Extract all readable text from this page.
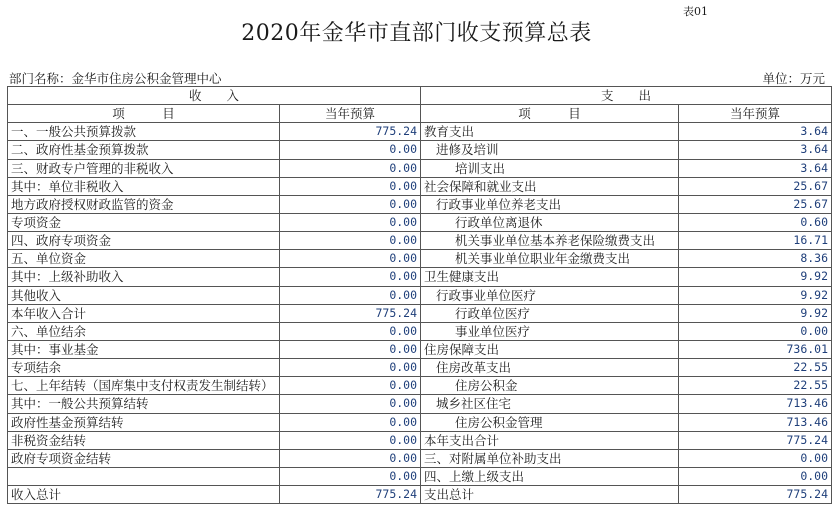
表01
2020年金华市直部门收支预算总表
部门名称：金华市住房公积金管理中心	单位：万元
收　　入		支　　出	
项　　　目	当年预算	项　　　目	当年预算
一、一般公共预算拨款	775.24	教育支出	3.64
二、政府性基金预算拨款	0.00	进修及培训	3.64
三、财政专户管理的非税收入	0.00	培训支出	3.64
其中：单位非税收入	0.00	社会保障和就业支出	25.67
地方政府授权财政监管的资金	0.00	行政事业单位养老支出	25.67
专项资金	0.00	行政单位离退休	0.60
四、政府专项资金	0.00	机关事业单位基本养老保险缴费支出	16.71
五、单位资金	0.00	机关事业单位职业年金缴费支出	8.36
其中：上级补助收入	0.00	卫生健康支出	9.92
其他收入	0.00	行政事业单位医疗	9.92
本年收入合计	775.24	行政单位医疗	9.92
六、单位结余	0.00	事业单位医疗	0.00
其中：事业基金	0.00	住房保障支出	736.01
专项结余	0.00	住房改革支出	22.55
七、上年结转（国库集中支付权责发生制结转）	0.00	住房公积金	22.55
其中：一般公共预算结转	0.00	城乡社区住宅	713.46
政府性基金预算结转	0.00	住房公积金管理	713.46
非税资金结转	0.00	本年支出合计	775.24
政府专项资金结转	0.00	三、对附属单位补助支出	0.00
	0.00	四、上缴上级支出	0.00
收入总计	775.24	支出总计	775.24
